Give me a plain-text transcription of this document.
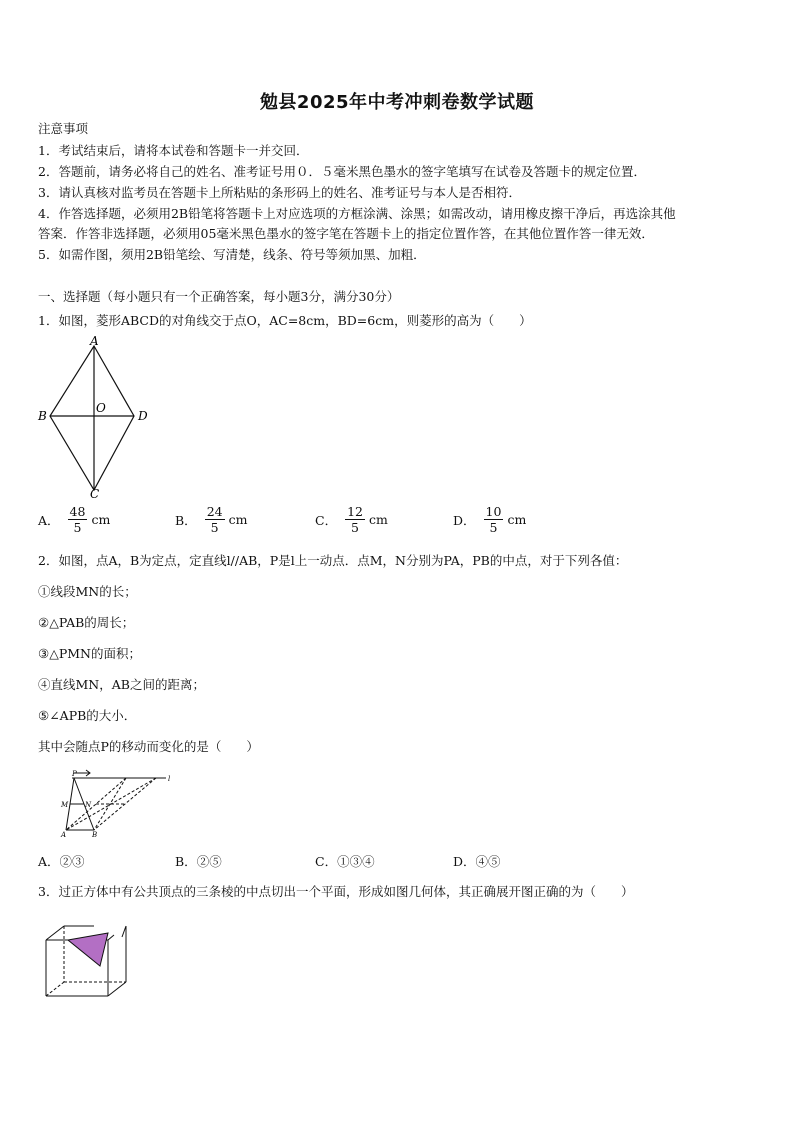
勉县2025年中考冲刺卷数学试题
注意事项
1．考试结束后，请将本试卷和答题卡一并交回．
2．答题前，请务必将自己的姓名、准考证号用０．５毫米黑色墨水的签字笔填写在试卷及答题卡的规定位置．
3．请认真核对监考员在答题卡上所粘贴的条形码上的姓名、准考证号与本人是否相符．
4．作答选择题，必须用2B铅笔将答题卡上对应选项的方框涂满、涂黑；如需改动，请用橡皮擦干净后，再选涂其他
答案．作答非选择题，必须用05毫米黑色墨水的签字笔在答题卡上的指定位置作答，在其他位置作答一律无效．
5．如需作图，须用2B铅笔绘、写清楚，线条、符号等须加黑、加粗．
一、选择题（每小题只有一个正确答案，每小题3分，满分30分）
1．如图，菱形ABCD的对角线交于点O，AC=8cm，BD=6cm，则菱形的高为（　　）
A
B	D
C
O
A． $\frac{48}{5}$ cm	B． $\frac{24}{5}$ cm	C． $\frac{12}{5}$ cm	D． $\frac{10}{5}$ cm
2．如图，点A，B为定点，定直线l//AB，P是l上一动点．点M，N分别为PA，PB的中点，对于下列各值：
①线段MN的长；
②△PAB的周长；
③△PMN的面积；
④直线MN，AB之间的距离；
⑤∠APB的大小．
其中会随点P的移动而变化的是（　　）
P
M N
A	B
l
A．②③	B．②⑤	C．①③④	D．④⑤
3．过正方体中有公共顶点的三条棱的中点切出一个平面，形成如图几何体，其正确展开图正确的为（　　）
